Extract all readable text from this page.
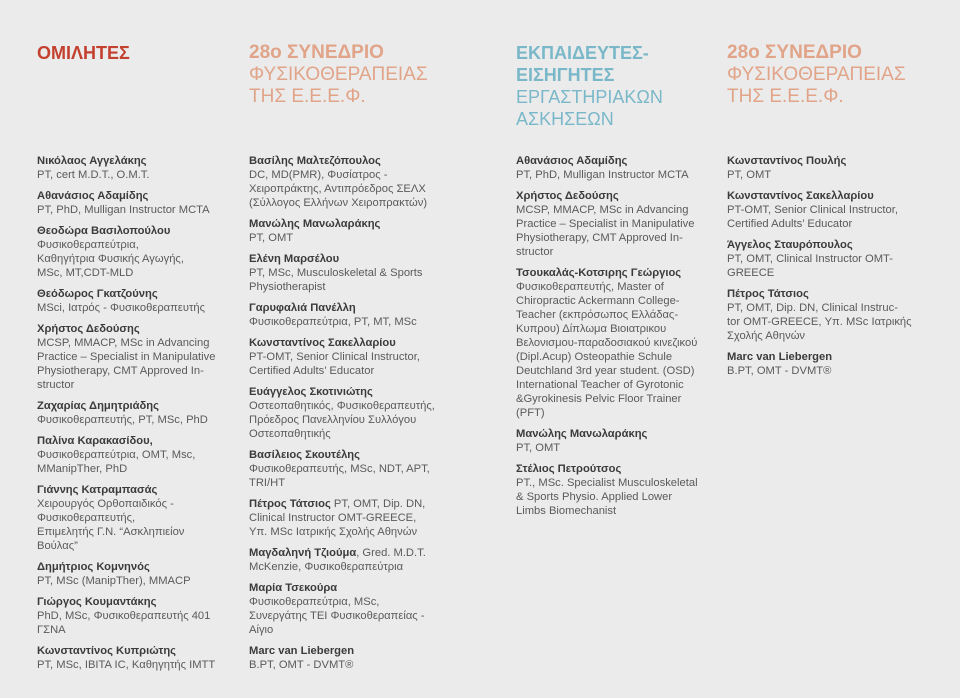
ΟΜΙΛΗΤΕΣ	28ο ΣΥΝΕΔΡΙΟ
ΦΥΣΙΚΟΘΕΡΑΠΕΙΑΣ
ΤΗΣ Ε.Ε.Ε.Φ.
ΕΚΠΑΙΔΕΥΤΕΣ-
ΕΙΣΗΓΗΤΕΣ
ΕΡΓΑΣΤΗΡΙΑΚΩΝ
ΑΣΚΗΣΕΩΝ
28ο ΣΥΝΕΔΡΙΟ
ΦΥΣΙΚΟΘΕΡΑΠΕΙΑΣ
ΤΗΣ Ε.Ε.Ε.Φ.
Νικόλαος Αγγελάκης
PT, cert M.D.T., O.M.T.
Αθανάσιος Αδαμίδης
PT, PhD, Mulligan Instructor MCTA
Θεοδώρα Βασιλοπούλου
Φυσικοθεραπεύτρια,
Καθηγήτρια Φυσικής Αγωγής,
MSc, MT,CDT-MLD
Θεόδωρος Γκατζούνης
MSci, Ιατρός - Φυσικοθεραπευτής
Χρήστος Δεδούσης
MCSP, MMACP, MSc in Advancing
Practice – Specialist in Manipulative
Physiotherapy, CMT Approved In-
structor
Ζαχαρίας Δημητριάδης
Φυσικοθεραπευτής, PT, MSc, PhD
Παλίνα Καρακασίδου,
Φυσικοθεραπεύτρια, OMT, Msc,
MManipTher, PhD
Γιάννης Κατραμπασάς
Χειρουργός Ορθοπαιδικός -
Φυσικοθεραπευτής,
Επιμελητής Γ.Ν. “Ασκληπιείον
Βούλας”
Δημήτριος Κομνηνός
PT, MSc (ManipTher), MMACP
Γιώργος Κουμαντάκης
PhD, MSc, Φυσικοθεραπευτής 401
ΓΣΝΑ
Κωνσταντίνος Κυπριώτης
PT, MSc, IBITA IC, Καθηγητής IMTT
Βασίλης Μαλτεζόπουλος
DC, MD(PMR), Φυσίατρος -
Χειροπράκτης, Αντιπρόεδρος ΣΕΛΧ
(Σύλλογος Ελλήνων Χειροπρακτών)
Μανώλης Μανωλαράκης
PT, OMT
Ελένη Μαρσέλου
PT, MSc, Musculoskeletal & Sports
Physiotherapist
Γαρυφαλιά Πανέλλη
Φυσικοθεραπεύτρια, PT, MT, MSc
Κωνσταντίνος Σακελλαρίου
PT-OMT, Senior Clinical Instructor,
Certified Adults’ Educator
Ευάγγελος Σκοτινιώτης
Οστεοπαθητικός, Φυσικοθεραπευτής,
Πρόεδρος Πανελληνίου Συλλόγου
Οστεοπαθητικής
Βασίλειος Σκουτέλης
Φυσικοθεραπευτής, MSc, NDT, APT,
TRI/HT
Πέτρος Τάτσιος PT, OMT, Dip. DN,
Clinical Instructor OMT-GREECE,
Υπ. MSc Ιατρικής Σχολής Αθηνών
Μαγδαληνή Τζιούμα, Gred. M.D.T.
McKenzie, Φυσικοθεραπεύτρια
Μαρία Τσεκούρα
Φυσικοθεραπεύτρια, MSc,
Συνεργάτης ΤΕΙ Φυσικοθεραπείας -
Αίγιο
Marc van Liebergen
B.PT, OMT - DVMT®
Αθανάσιος Αδαμίδης
PT, PhD, Mulligan Instructor MCTA
Χρήστος Δεδούσης
MCSP, MMACP, MSc in Advancing
Practice – Specialist in Manipulative
Physiotherapy, CMT Approved In-
structor
Τσουκαλάς-Κοτσιρης Γεώργιος
Φυσικοθεραπευτής, Master of
Chiropractic Ackermann College-
Teacher (εκπρόσωπος Ελλάδας-
Κυπρου) Δίπλωμα Βιοιατρικου
Βελονισμου-παραδοσιακού κινεζικού
(Dipl.Acup) Osteopathie Schule
Deutchland 3rd year student. (OSD)
International Teacher of Gyrotonic
&Gyrokinesis Pelvic Floor Trainer
(PFT)
Μανώλης Μανωλαράκης
PT, OMT
Στέλιος Πετρούτσος
PT., MSc. Specialist Musculoskeletal
& Sports Physio. Applied Lower
Limbs Biomechanist
Κωνσταντίνος Πουλής
PT, OMT
Κωνσταντίνος Σακελλαρίου
PT-OMT, Senior Clinical Instructor,
Certified Adults’ Educator
Άγγελος Σταυρόπουλος
PT, OMT, Clinical Instructor OMT-
GREECE
Πέτρος Τάτσιος
PT, OMT, Dip. DN, Clinical Instruc-
tor OMT-GREECE, Υπ. MSc Ιατρικής
Σχολής Αθηνών
Marc van Liebergen
B.PT, OMT - DVMT®
